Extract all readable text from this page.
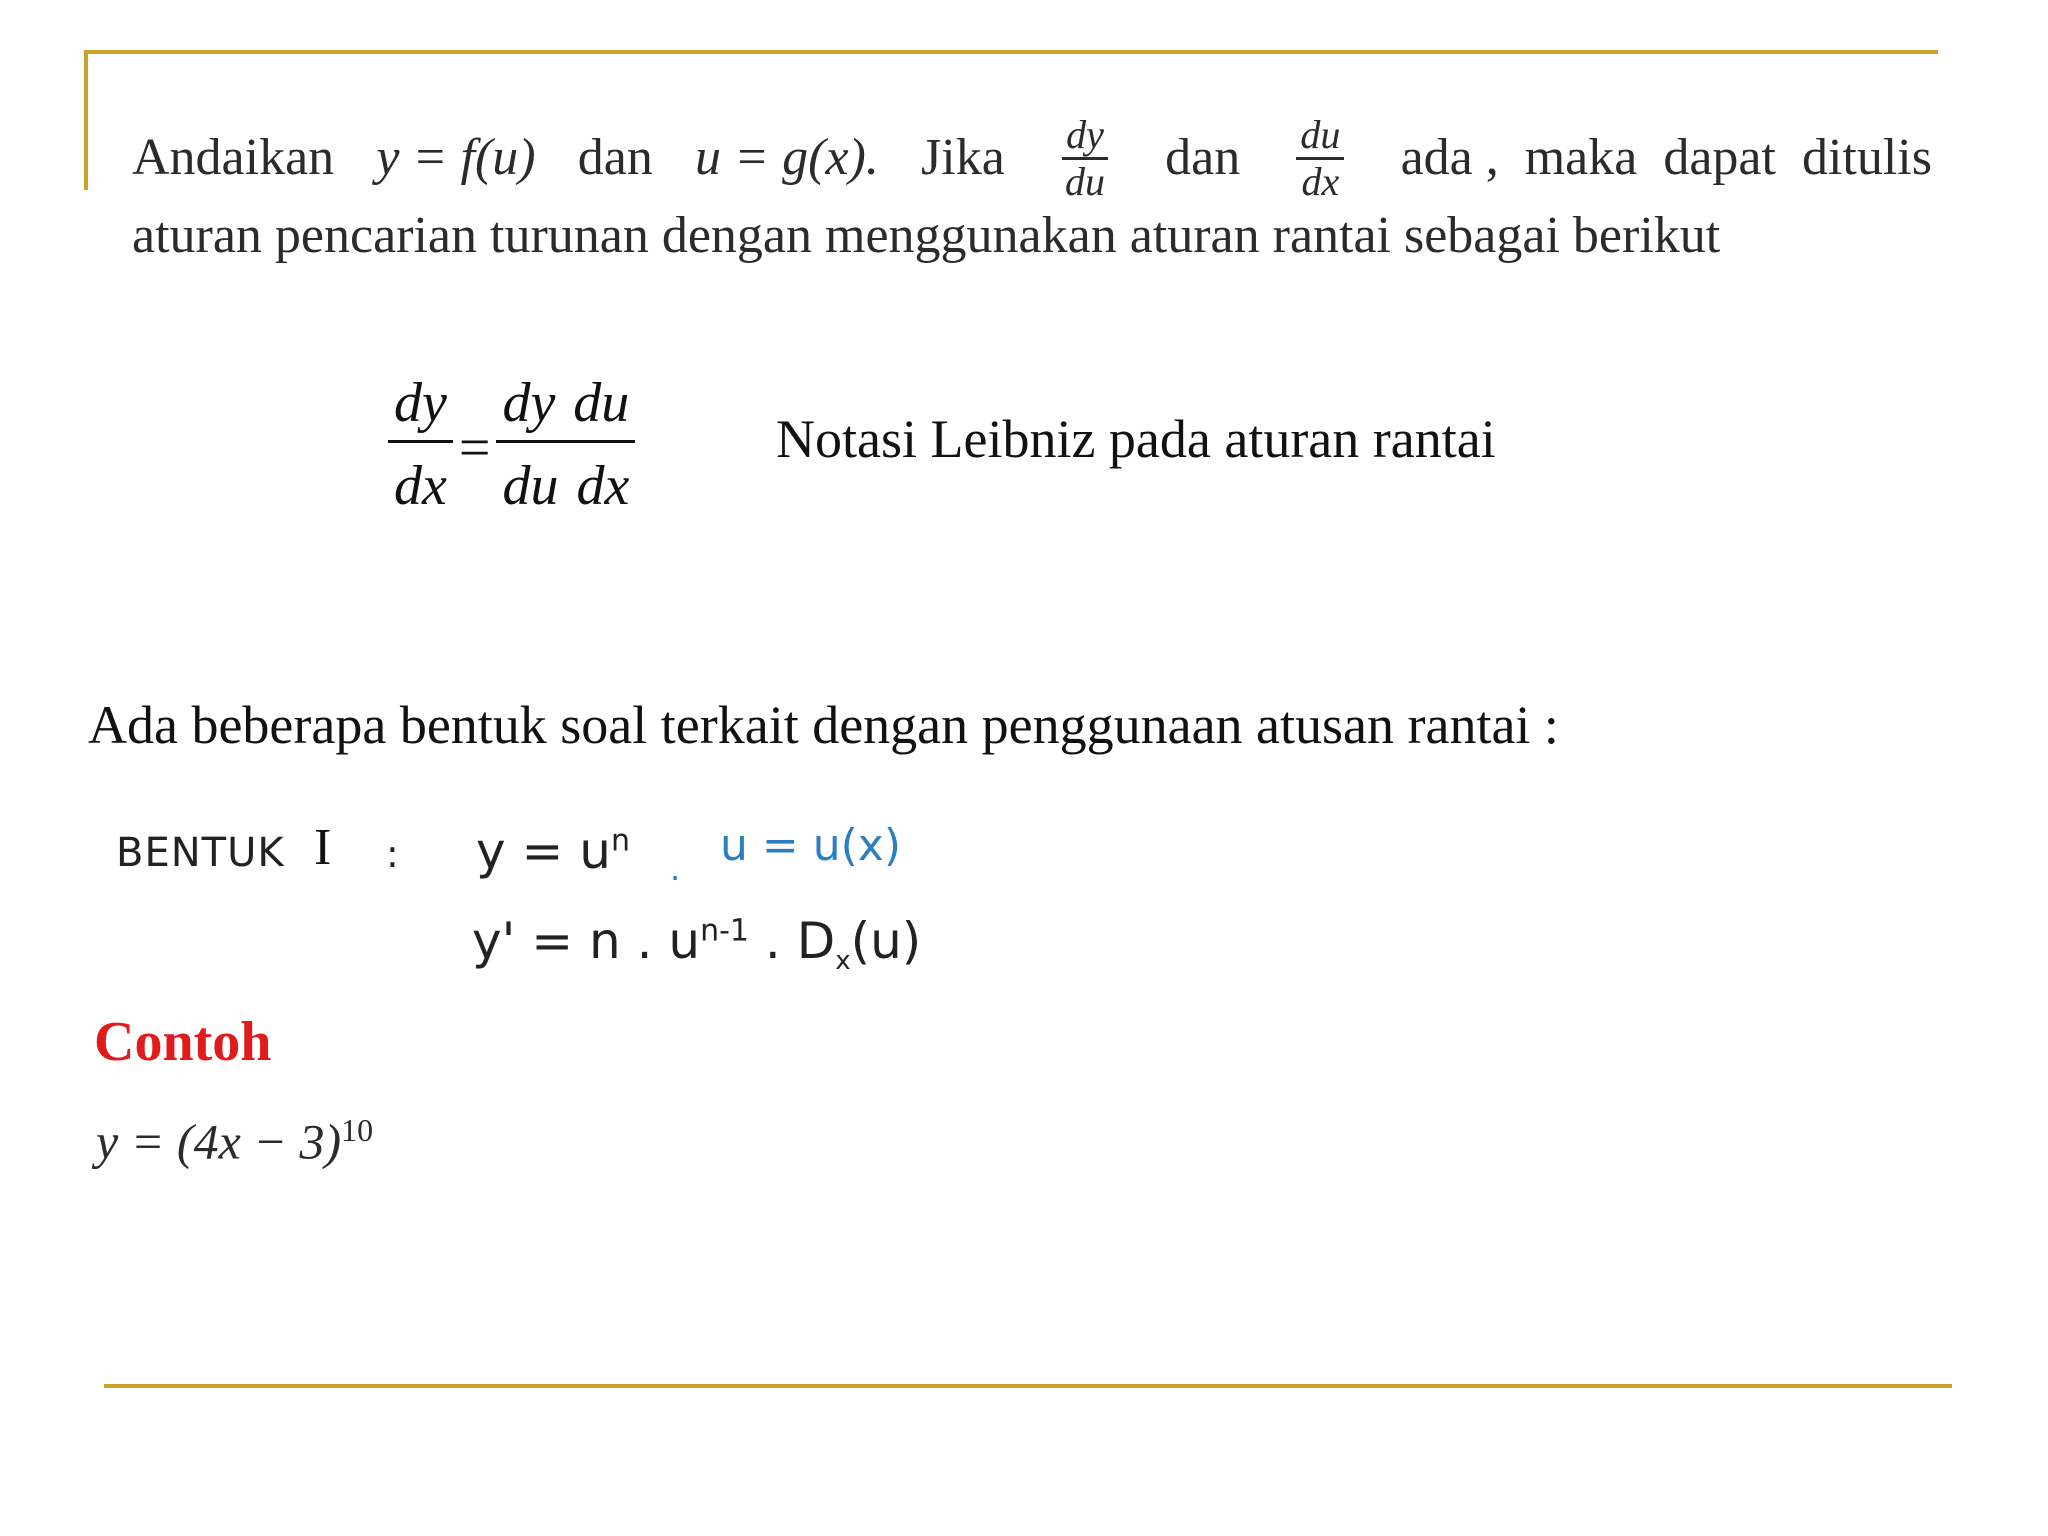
Andaikan y = f(u) dan u = g(x). Jika $\frac{dy}{du}$ dan $\frac{du}{dx}$ ada ,  maka  dapat  ditulis
aturan pencarian turunan dengan menggunakan aturan rantai sebagai berikut
$\frac{dy}{dx} = \frac{\text{dy du}}{\text{du dx}}$	Notasi Leibniz pada aturan rantai
Ada beberapa bentuk soal terkait dengan penggunaan atusan rantai :
BENTUK I : $y = u^n$
. u = u(x)
y' = n . $u^{n-1}$ . $D_x(u)$
Contoh
$y = (4x - 3)^{10}$
